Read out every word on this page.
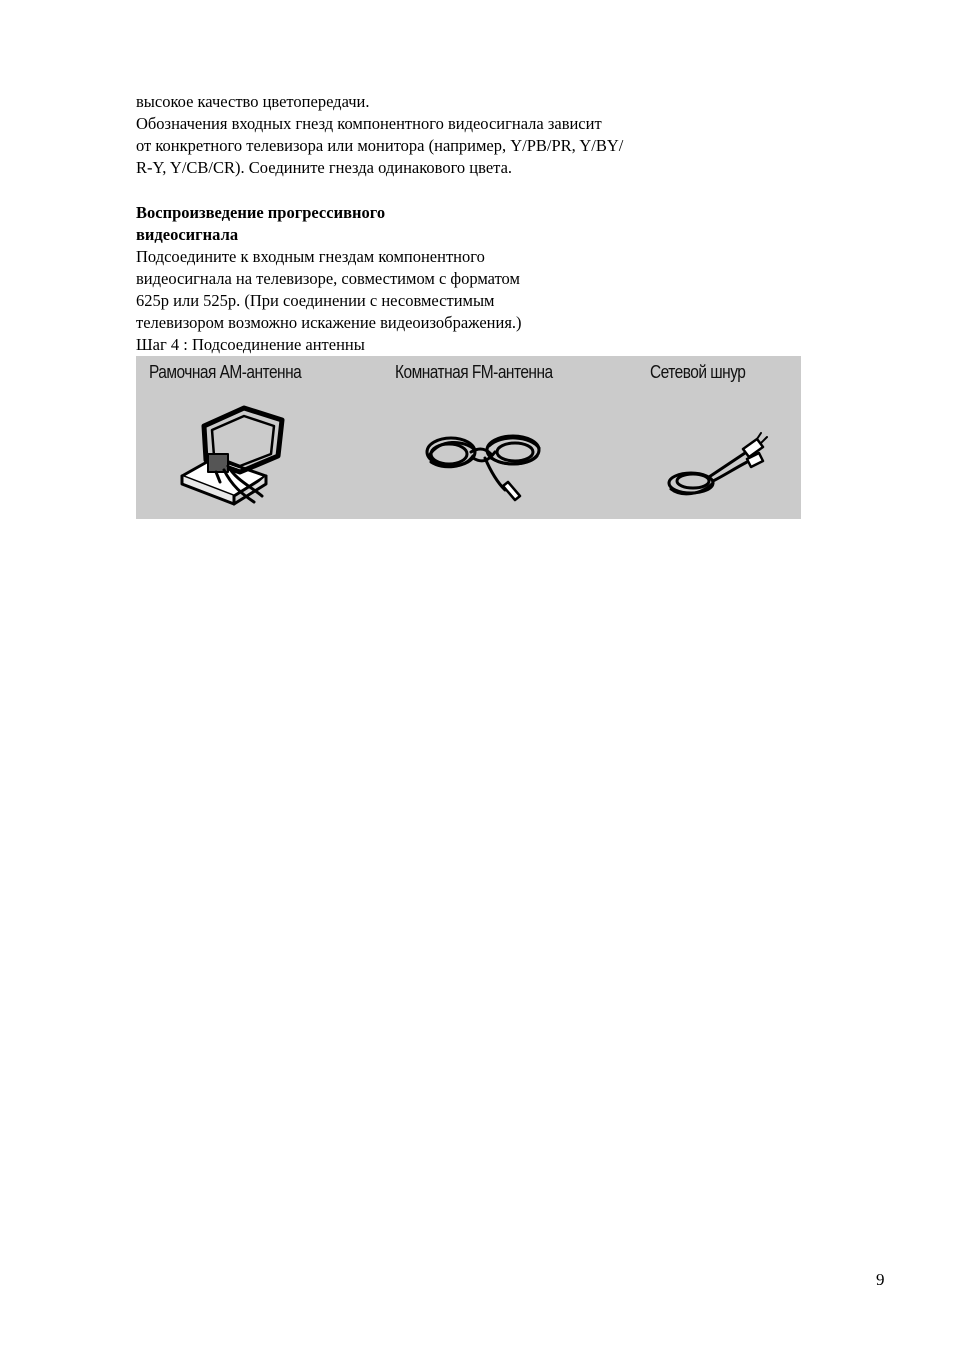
высокое качество цветопередачи.
Обозначения входных гнезд компонентного видеосигнала зависит
от конкретного телевизора или монитора (например, Y/PB/PR, Y/BY/
R-Y, Y/CB/CR). Соедините гнезда одинакового цвета.
Воспроизведение прогрессивного
видеосигнала
Подсоедините к входным гнездам компонентного
видеосигнала на телевизоре, совместимом с форматом
625p или 525p. (При соединении с несовместимым
телевизором возможно искажение видеоизображения.)
Шаг 4 : Подсоединение антенны
Рамочная AM-антенна	Комнатная FM-антенна	Сетевой шнур
9
